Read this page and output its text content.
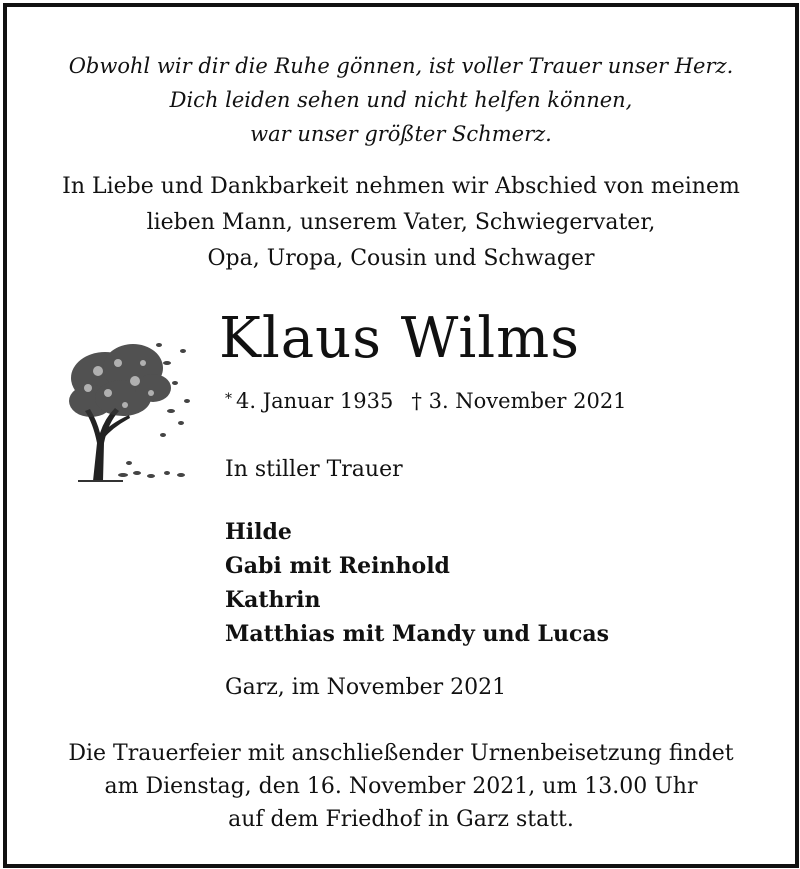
Obwohl wir dir die Ruhe gönnen, ist voller Trauer unser Herz.
Dich leiden sehen und nicht helfen können,
war unser größter Schmerz.
In Liebe und Dankbarkeit nehmen wir Abschied von meinem
lieben Mann, unserem Vater, Schwiegervater,
Opa, Uropa, Cousin und Schwager
Klaus Wilms
* 4. Januar 1935 † 3. November 2021
In stiller Trauer
Hilde
Gabi mit Reinhold
Kathrin
Matthias mit Mandy und Lucas
Garz, im November 2021
Die Trauerfeier mit anschließender Urnenbeisetzung findet
am Dienstag, den 16. November 2021, um 13.00 Uhr
auf dem Friedhof in Garz statt.
